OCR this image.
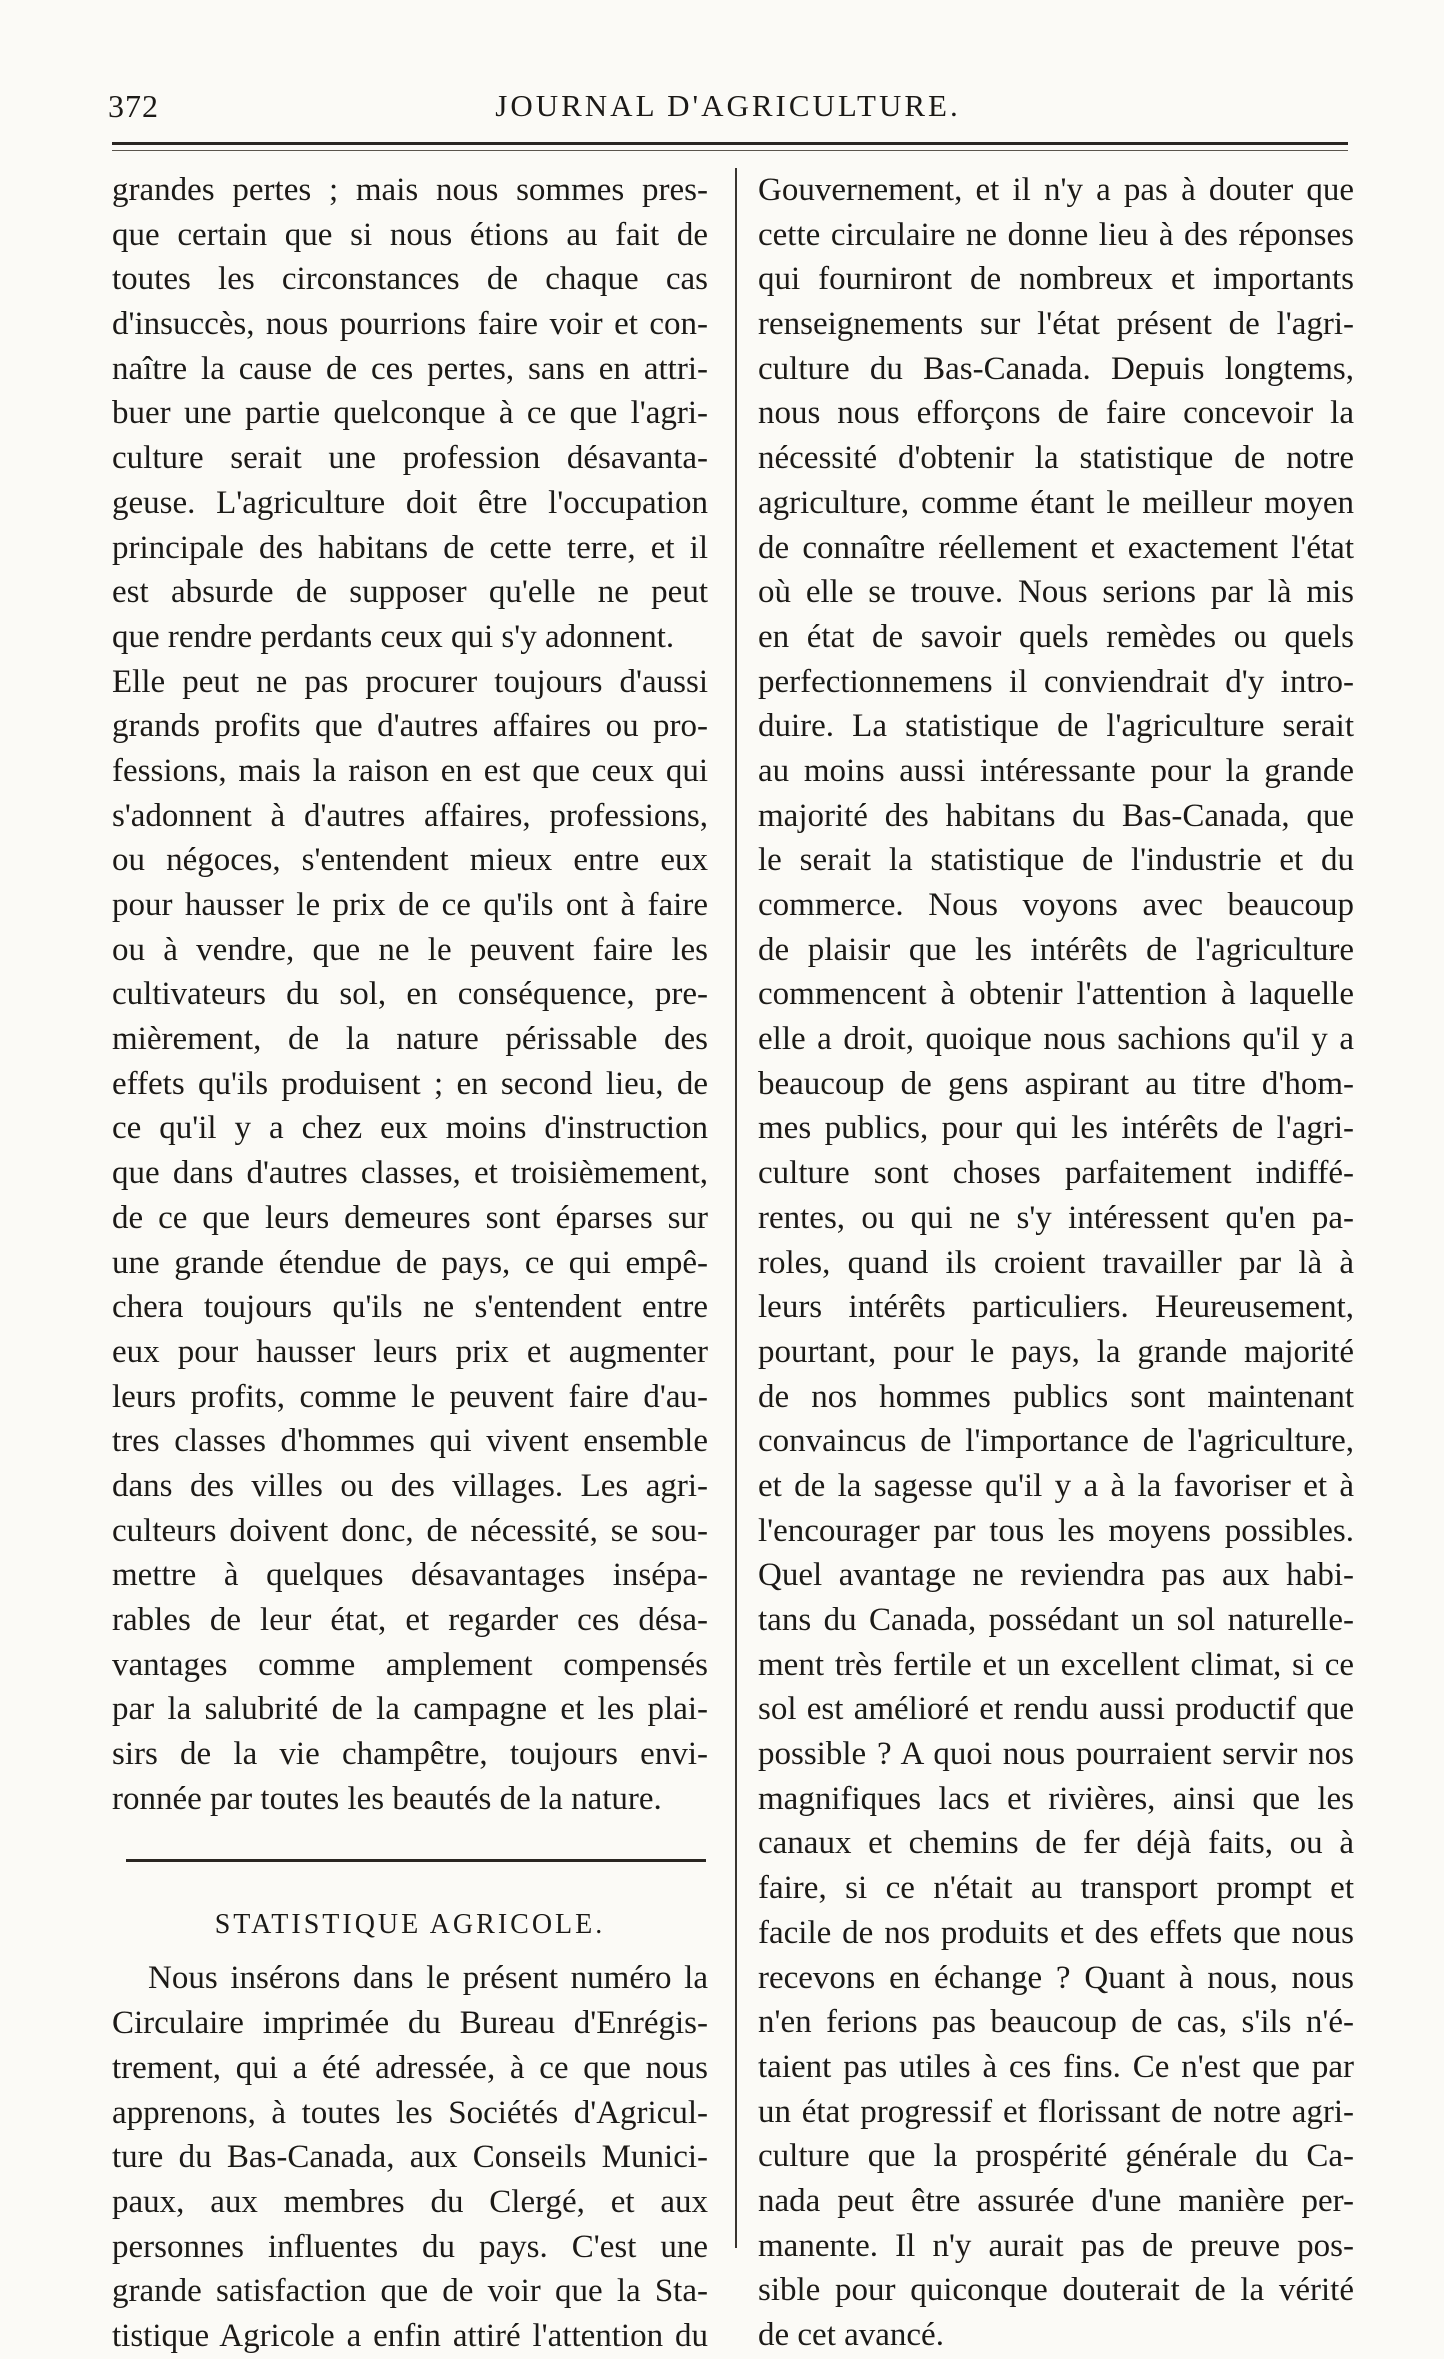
372	JOURNAL D'AGRICULTURE.
grandes pertes ; mais nous sommes pres-
que certain que si nous étions au fait de
toutes les circonstances de chaque cas
d'insuccès, nous pourrions faire voir et con-
naître la cause de ces pertes, sans en attri-
buer une partie quelconque à ce que l'agri-
culture serait une profession désavanta-
geuse. L'agriculture doit être l'occupation
principale des habitans de cette terre, et il
est absurde de supposer qu'elle ne peut
que rendre perdants ceux qui s'y adonnent.
Elle peut ne pas procurer toujours d'aussi
grands profits que d'autres affaires ou pro-
fessions, mais la raison en est que ceux qui
s'adonnent à d'autres affaires, professions,
ou négoces, s'entendent mieux entre eux
pour hausser le prix de ce qu'ils ont à faire
ou à vendre, que ne le peuvent faire les
cultivateurs du sol, en conséquence, pre-
mièrement, de la nature périssable des
effets qu'ils produisent ; en second lieu, de
ce qu'il y a chez eux moins d'instruction
que dans d'autres classes, et troisièmement,
de ce que leurs demeures sont éparses sur
une grande étendue de pays, ce qui empê-
chera toujours qu'ils ne s'entendent entre
eux pour hausser leurs prix et augmenter
leurs profits, comme le peuvent faire d'au-
tres classes d'hommes qui vivent ensemble
dans des villes ou des villages. Les agri-
culteurs doivent donc, de nécessité, se sou-
mettre à quelques désavantages insépa-
rables de leur état, et regarder ces désa-
vantages comme amplement compensés
par la salubrité de la campagne et les plai-
sirs de la vie champêtre, toujours envi-
ronnée par toutes les beautés de la nature.
STATISTIQUE AGRICOLE.
Nous insérons dans le présent numéro la
Circulaire imprimée du Bureau d'Enrégis-
trement, qui a été adressée, à ce que nous
apprenons, à toutes les Sociétés d'Agricul-
ture du Bas-Canada, aux Conseils Munici-
paux, aux membres du Clergé, et aux
personnes influentes du pays. C'est une
grande satisfaction que de voir que la Sta-
tistique Agricole a enfin attiré l'attention du
Gouvernement, et il n'y a pas à douter que
cette circulaire ne donne lieu à des réponses
qui fourniront de nombreux et importants
renseignements sur l'état présent de l'agri-
culture du Bas-Canada. Depuis longtems,
nous nous efforçons de faire concevoir la
nécessité d'obtenir la statistique de notre
agriculture, comme étant le meilleur moyen
de connaître réellement et exactement l'état
où elle se trouve. Nous serions par là mis
en état de savoir quels remèdes ou quels
perfectionnemens il conviendrait d'y intro-
duire. La statistique de l'agriculture serait
au moins aussi intéressante pour la grande
majorité des habitans du Bas-Canada, que
le serait la statistique de l'industrie et du
commerce. Nous voyons avec beaucoup
de plaisir que les intérêts de l'agriculture
commencent à obtenir l'attention à laquelle
elle a droit, quoique nous sachions qu'il y a
beaucoup de gens aspirant au titre d'hom-
mes publics, pour qui les intérêts de l'agri-
culture sont choses parfaitement indiffé-
rentes, ou qui ne s'y intéressent qu'en pa-
roles, quand ils croient travailler par là à
leurs intérêts particuliers. Heureusement,
pourtant, pour le pays, la grande majorité
de nos hommes publics sont maintenant
convaincus de l'importance de l'agriculture,
et de la sagesse qu'il y a à la favoriser et à
l'encourager par tous les moyens possibles.
Quel avantage ne reviendra pas aux habi-
tans du Canada, possédant un sol naturelle-
ment très fertile et un excellent climat, si ce
sol est amélioré et rendu aussi productif que
possible ? A quoi nous pourraient servir nos
magnifiques lacs et rivières, ainsi que les
canaux et chemins de fer déjà faits, ou à
faire, si ce n'était au transport prompt et
facile de nos produits et des effets que nous
recevons en échange ? Quant à nous, nous
n'en ferions pas beaucoup de cas, s'ils n'é-
taient pas utiles à ces fins. Ce n'est que par
un état progressif et florissant de notre agri-
culture que la prospérité générale du Ca-
nada peut être assurée d'une manière per-
manente. Il n'y aurait pas de preuve pos-
sible pour quiconque douterait de la vérité
de cet avancé.
